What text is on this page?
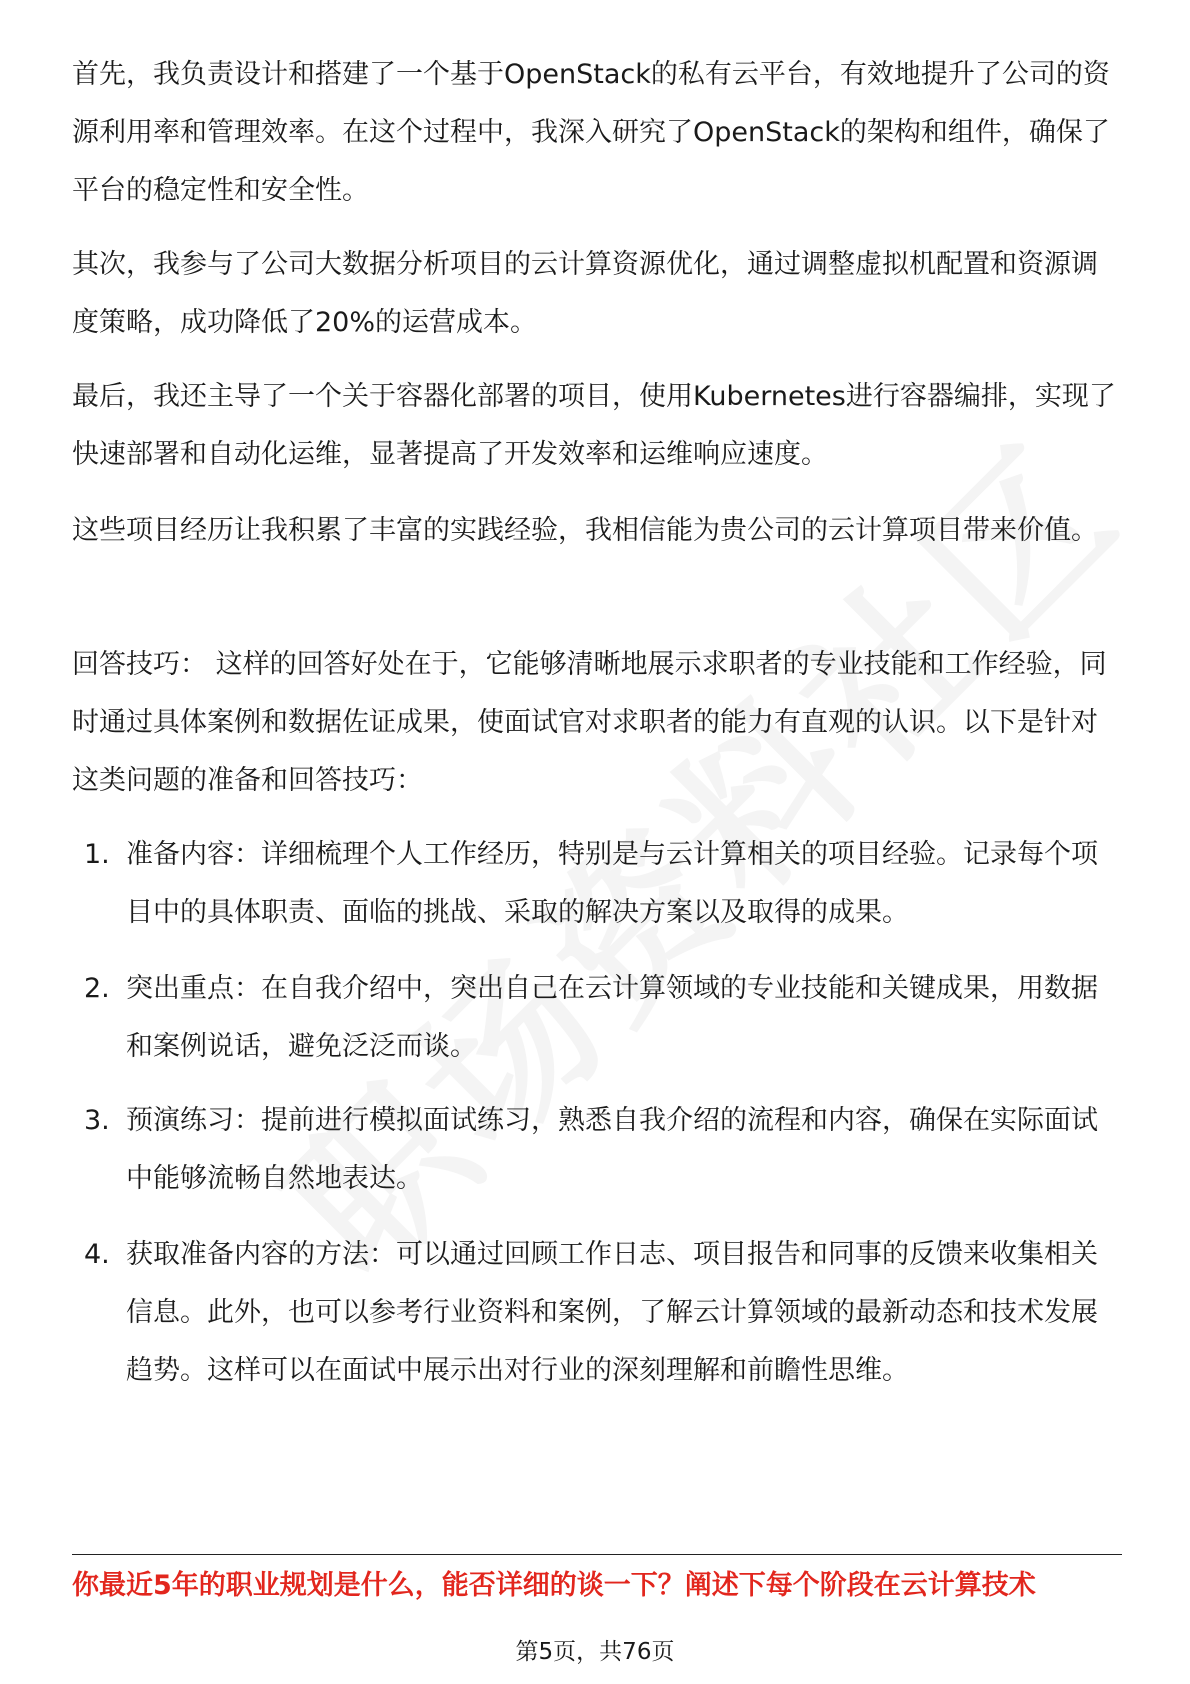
首先，我负责设计和搭建了一个基于OpenStack的私有云平台，有效地提升了公司的资源利用率和管理效率。在这个过程中，我深入研究了OpenStack的架构和组件，确保了平台的稳定性和安全性。

其次，我参与了公司大数据分析项目的云计算资源优化，通过调整虚拟机配置和资源调度策略，成功降低了20%的运营成本。

最后，我还主导了一个关于容器化部署的项目，使用Kubernetes进行容器编排，实现了快速部署和自动化运维，显著提高了开发效率和运维响应速度。

这些项目经历让我积累了丰富的实践经验，我相信能为贵公司的云计算项目带来价值。

回答技巧： 这样的回答好处在于，它能够清晰地展示求职者的专业技能和工作经验，同时通过具体案例和数据佐证成果，使面试官对求职者的能力有直观的认识。以下是针对这类问题的准备和回答技巧：

1. 准备内容：详细梳理个人工作经历，特别是与云计算相关的项目经验。记录每个项目中的具体职责、面临的挑战、采取的解决方案以及取得的成果。
2. 突出重点：在自我介绍中，突出自己在云计算领域的专业技能和关键成果，用数据和案例说话，避免泛泛而谈。
3. 预演练习：提前进行模拟面试练习，熟悉自我介绍的流程和内容，确保在实际面试中能够流畅自然地表达。
4. 获取准备内容的方法：可以通过回顾工作日志、项目报告和同事的反馈来收集相关信息。此外，也可以参考行业资料和案例，了解云计算领域的最新动态和技术发展趋势。这样可以在面试中展示出对行业的深刻理解和前瞻性思维。
你最近5年的职业规划是什么，能否详细的谈一下？阐述下每个阶段在云计算技术
第5页，共76页
